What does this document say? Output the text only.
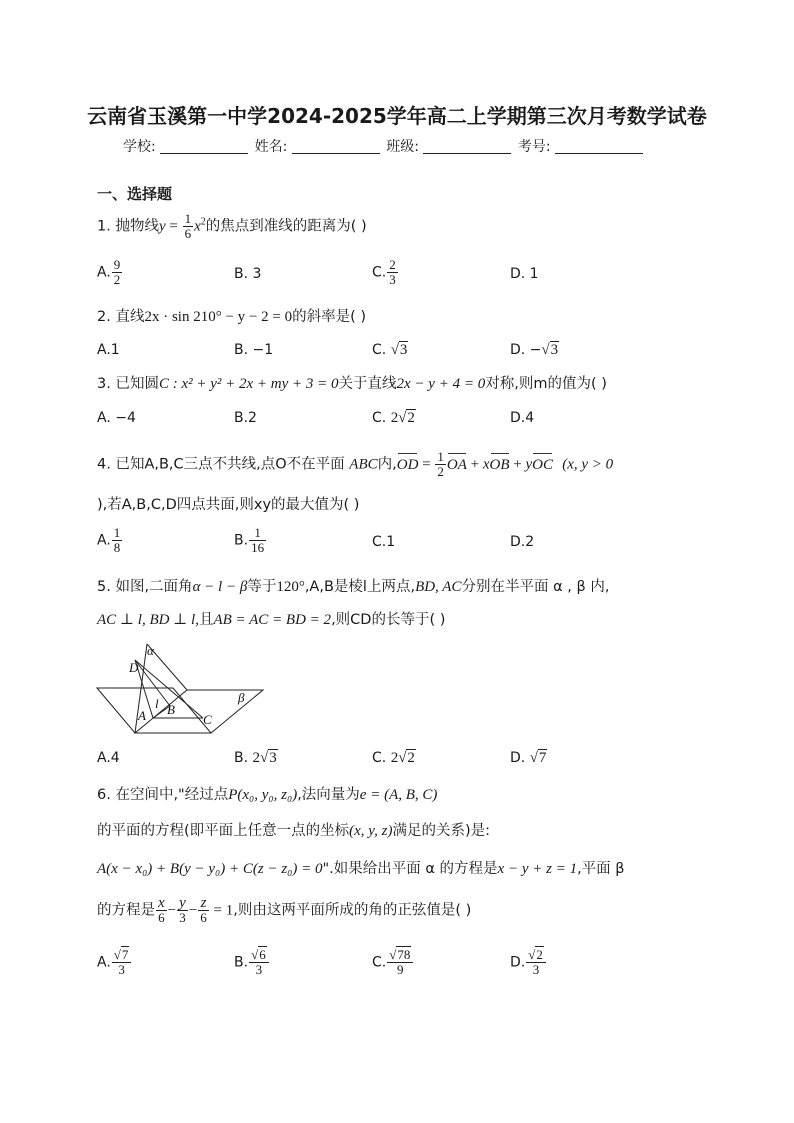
云南省玉溪第一中学2024-2025学年高二上学期第三次月考数学试卷
学校:	姓名:	班级:	考号:
一、选择题
1. 抛物线$y = \frac{1}{6} x^2$的焦点到准线的距离为( )
A. $\frac{9}{2}$	B. 3	C. $\frac{2}{3}$	D. 1
2. 直线2x · sin 210° − y − 2 = 0的斜率是( )
A.1	B. −1	C. √3	D. −√3
3. 已知圆C : x² + y² + 2x + my + 3 = 0关于直线2x − y + 4 = 0对称,则m的值为( )
A. −4	B.2	C. 2√2	D.4
4. 已知A,B,C三点不共线,点O不在平面 ABC内$,OD = \frac{1}{2}$ OA + xOB + yOC (x, y > 0
),若A,B,C,D四点共面,则xy的最大值为( )
A. $\frac{1}{8}$	B. $\frac{1}{16}$	C.1	D.2
5. 如图,二面角α − l − β等于120°,A,B是棱l上两点,BD, AC分别在半平面 α , β 内,
AC ⊥ l, BD ⊥ l,且AB = AC = BD = 2,则CD的长等于( )
α
D
β
A B
C
l
A.4	B. 2√3	C. 2√2	D. √7
6. 在空间中,"经过点P(x₀, y₀, z₀),法向量为e = (A, B, C)
的平面的方程(即平面上任意一点的坐标(x, y, z)满足的关系)是:
A(x − x₀) + B(y − y₀) + C(z − z₀) = 0".如果给出平面 α 的方程是x − y + z = 1,平面 β
的方程是 $\frac{x}{6} - \frac{y}{3} - \frac{z}{6} = 1$,则由这两平面所成的角的正弦值是( )
A. $\frac{√7}{3}$	B. $\frac{√6}{3}$	C. $\frac{√78}{9}$	D. $\frac{√2}{3}$
